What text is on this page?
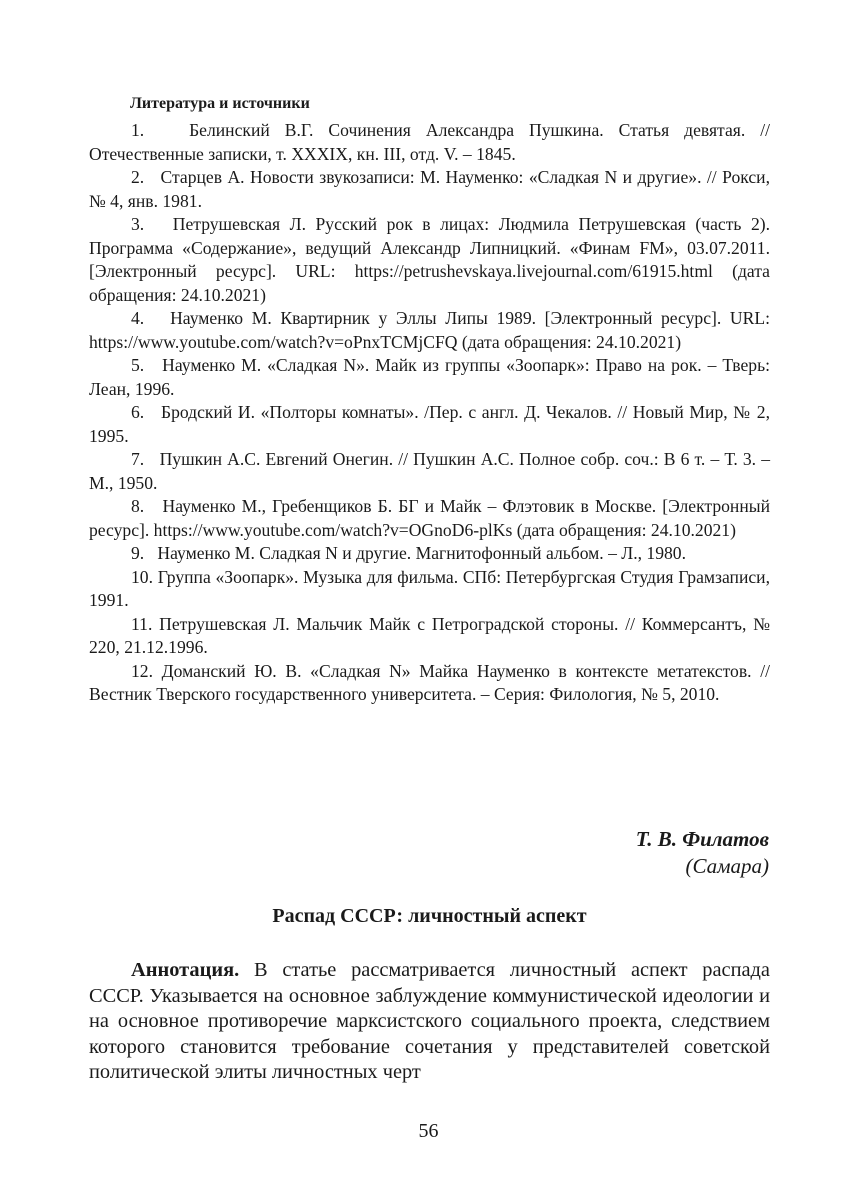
Литература и источники

1.	Белинский В.Г. Сочинения Александра Пушкина. Статья девятая. // Отечественные записки, т. XXXIX, кн. III, отд. V. – 1845.

2. Старцев А. Новости звукозаписи: М. Науменко: «Сладкая N и другие». // Рокси, № 4, янв. 1981.

3. Петрушевская Л. Русский рок в лицах: Людмила Петрушевская (часть 2). Программа «Содержание», ведущий Александр Липницкий. «Финам FM», 03.07.2011. [Электронный ресурс]. URL: https://petrushevskaya.livejournal.com/61915.html (дата обращения: 24.10.2021)

4. Науменко М. Квартирник у Эллы Липы 1989. [Электронный ресурс]. URL: https://www.youtube.com/watch?v=oPnxTCMjCFQ (дата обращения: 24.10.2021)

5. Науменко М. «Сладкая N». Майк из группы «Зоопарк»: Право на рок. – Тверь: Леан, 1996.

6. Бродский И. «Полторы комнаты». /Пер. с англ. Д. Чекалов. // Новый Мир, № 2, 1995.

7. Пушкин А.С. Евгений Онегин. // Пушкин А.С. Полное собр. соч.: В 6 т. – Т. 3. – М., 1950.

8. Науменко М., Гребенщиков Б. БГ и Майк – Флэтовик в Москве. [Электронный ресурс]. https://www.youtube.com/watch?v=OGnoD6-plKs (дата обращения: 24.10.2021)

9. Науменко М. Сладкая N и другие. Магнитофонный альбом. – Л., 1980.

10. Группа «Зоопарк». Музыка для фильма. СПб: Петербургская Студия Грамзаписи, 1991.

11. Петрушевская Л. Мальчик Майк с Петроградской стороны. // Коммерсантъ, № 220, 21.12.1996.

12. Доманский Ю. В. «Сладкая N» Майка Науменко в контексте метатекстов. // Вестник Тверского государственного университета. – Серия: Филология, № 5, 2010.

Т. В. Филатов
(Самара)
Распад СССР: личностный аспект

Аннотация. В статье рассматривается личностный аспект распада СССР. Указывается на основное заблуждение коммунистической идеологии и на основное противоречие марксистского социального проекта, следствием которого становится требование сочетания у представителей советской политической элиты личностных черт

56
